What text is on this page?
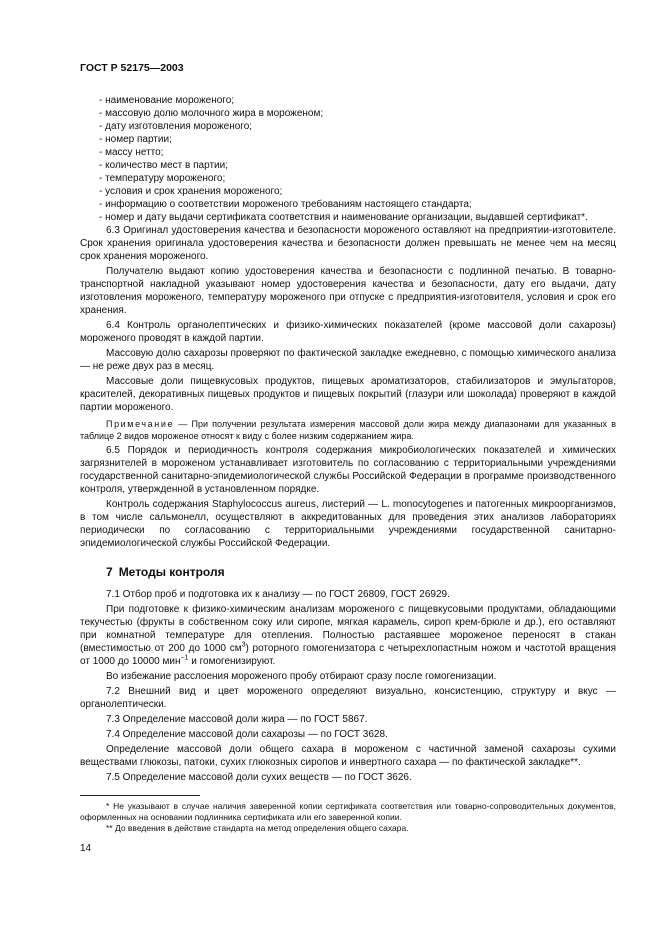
ГОСТ Р 52175—2003
- наименование мороженого;
- массовую долю молочного жира в мороженом;
- дату изготовления мороженого;
- номер партии;
- массу нетто;
- количество мест в партии;
- температуру мороженого;
- условия и срок хранения мороженого;
- информацию о соответствии мороженого требованиям настоящего стандарта;
- номер и дату выдачи сертификата соответствия и наименование организации, выдавшей сертификат*.
6.3 Оригинал удостоверения качества и безопасности мороженого оставляют на предприятии-изготовителе. Срок хранения оригинала удостоверения качества и безопасности должен превышать не менее чем на месяц срок хранения мороженого.
Получателю выдают копию удостоверения качества и безопасности с подлинной печатью. В товарно-транспортной накладной указывают номер удостоверения качества и безопасности, дату его выдачи, дату изготовления мороженого, температуру мороженого при отпуске с предприятия-изготовителя, условия и срок его хранения.
6.4 Контроль органолептических и физико-химических показателей (кроме массовой доли сахарозы) мороженого проводят в каждой партии.
Массовую долю сахарозы проверяют по фактической закладке ежедневно, с помощью химического анализа — не реже двух раз в месяц.
Массовые доли пищевкусовых продуктов, пищевых ароматизаторов, стабилизаторов и эмульгаторов, красителей, декоративных пищевых продуктов и пищевых покрытий (глазури или шоколада) проверяют в каждой партии мороженого.
Примечание — При получении результата измерения массовой доли жира между диапазонами для указанных в таблице 2 видов мороженое относят к виду с более низким содержанием жира.
6.5 Порядок и периодичность контроля содержания микробиологических показателей и химических загрязнителей в мороженом устанавливает изготовитель по согласованию с территориальными учреждениями государственной санитарно-эпидемиологической службы Российской Федерации в программе производственного контроля, утвержденной в установленном порядке.
Контроль содержания Staphylococcus aureus, листерий — L. monocytogenes и патогенных микроорганизмов, в том числе сальмонелл, осуществляют в аккредитованных для проведения этих анализов лабораториях периодически по согласованию с территориальными учреждениями государственной санитарно-эпидемиологической службы Российской Федерации.
7 Методы контроля
7.1 Отбор проб и подготовка их к анализу — по ГОСТ 26809, ГОСТ 26929.
При подготовке к физико-химическим анализам мороженого с пищевкусовыми продуктами, обладающими текучестью (фрукты в собственном соку или сиропе, мягкая карамель, сироп крем-брюле и др.), его оставляют при комнатной температуре для отепления. Полностью растаявшее мороженое переносят в стакан (вместимостью от 200 до 1000 $см^3$) роторного гомогенизатора с четырехлопастным ножом и частотой вращения от 1000 до 10000 мин$^{-1}$ и гомогенизируют.
Во избежание расслоения мороженого пробу отбирают сразу после гомогенизации.
7.2 Внешний вид и цвет мороженого определяют визуально, консистенцию, структуру и вкус — органолептически.
7.3 Определение массовой доли жира — по ГОСТ 5867.
7.4 Определение массовой доли сахарозы — по ГОСТ 3628.
Определение массовой доли общего сахара в мороженом с частичной заменой сахарозы сухими веществами глюкозы, патоки, сухих глюкозных сиропов и инвертного сахара — по фактической закладке**.
7.5 Определение массовой доли сухих веществ — по ГОСТ 3626.
* Не указывают в случае наличия заверенной копии сертификата соответствия или товарно-сопроводительных документов, оформленных на основании подлинника сертификата или его заверенной копии.
** До введения в действие стандарта на метод определения общего сахара.
14
